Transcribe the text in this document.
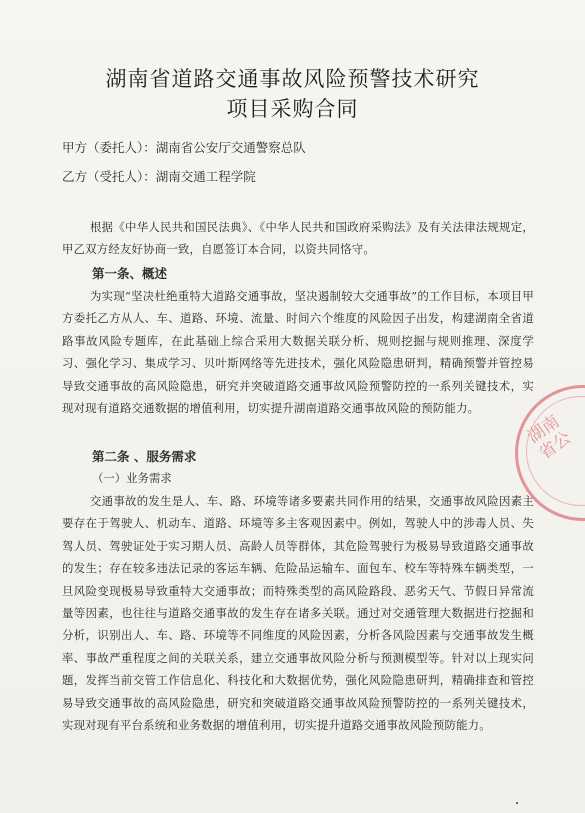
湖南省道路交通事故风险预警技术研究
项目采购合同

甲方（委托人）：湖南省公安厅交通警察总队

乙方（受托人）：湖南交通工程学院

根据《中华人民共和国民法典》、《中华人民共和国政府采购法》及有关法律法规规定，甲乙双方经友好协商一致，自愿签订本合同，以资共同恪守。

第一条、概述

为实现“坚决杜绝重特大道路交通事故，坚决遏制较大交通事故”的工作目标，本项目甲方委托乙方从人、车、道路、环境、流量、时间六个维度的风险因子出发，构建湖南全省道路事故风险专题库，在此基础上综合采用大数据关联分析、规则挖掘与规则推理、深度学习、强化学习、集成学习、贝叶斯网络等先进技术，强化风险隐患研判，精确预警并管控易导致交通事故的高风险隐患，研究并突破道路交通事故风险预警防控的一系列关键技术，实现对现有道路交通数据的增值利用，切实提升湖南道路交通事故风险的预防能力。

第二条 、服务需求

（一）业务需求

交通事故的发生是人、车、路、环境等诸多要素共同作用的结果，交通事故风险因素主要存在于驾驶人、机动车、道路、环境等多主客观因素中。例如，驾驶人中的涉毒人员、失驾人员、驾驶证处于实习期人员、高龄人员等群体，其危险驾驶行为极易导致道路交通事故的发生；存在较多违法记录的客运车辆、危险品运输车、面包车、校车等特殊车辆类型，一旦风险变现极易导致重特大交通事故；而特殊类型的高风险路段、恶劣天气、节假日异常流量等因素，也往往与道路交通事故的发生存在诸多关联。通过对交通管理大数据进行挖掘和分析，识别出人、车、路、环境等不同维度的风险因素，分析各风险因素与交通事故发生概率、事故严重程度之间的关联关系，建立交通事故风险分析与预测模型等。针对以上现实问题，发挥当前交管工作信息化、科技化和大数据优势，强化风险隐患研判，精确排查和管控易导致交通事故的高风险隐患，研究和突破道路交通事故风险预警防控的一系列关键技术，实现对现有平台系统和业务数据的增值利用，切实提升道路交通事故风险预防能力。

湖南省公
